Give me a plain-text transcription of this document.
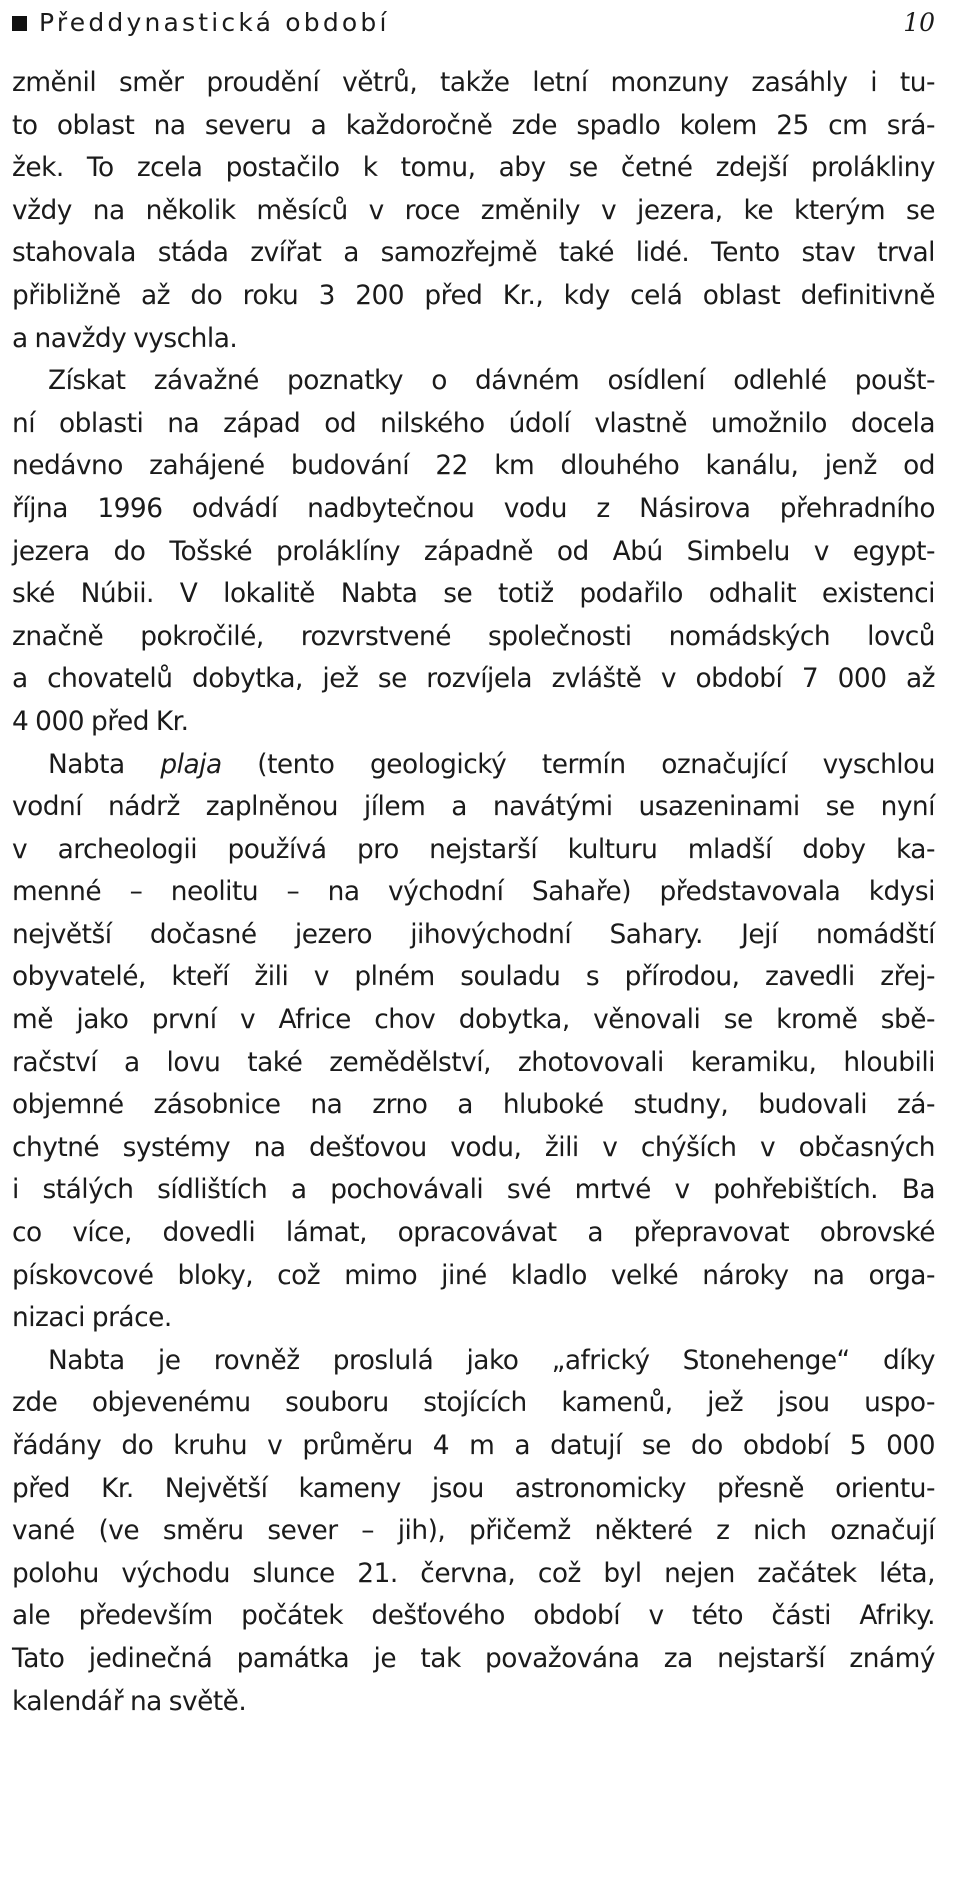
Předdynastická období	10
změnil směr proudění větrů, takže letní monzuny zasáhly i tu-
to oblast na severu a každoročně zde spadlo kolem 25 cm srá-
žek. To zcela postačilo k tomu, aby se četné zdejší prolákliny
vždy na několik měsíců v roce změnily v jezera, ke kterým se
stahovala stáda zvířat a samozřejmě také lidé. Tento stav trval
přibližně až do roku 3 200 před Kr., kdy celá oblast definitivně
a navždy vyschla.
Získat závažné poznatky o dávném osídlení odlehlé poušt-
ní oblasti na západ od nilského údolí vlastně umožnilo docela
nedávno zahájené budování 22 km dlouhého kanálu, jenž od
října 1996 odvádí nadbytečnou vodu z Násirova přehradního
jezera do Tošské proláklíny západně od Abú Simbelu v egypt-
ské Núbii. V lokalitě Nabta se totiž podařilo odhalit existenci
značně pokročilé, rozvrstvené společnosti nomádských lovců
a chovatelů dobytka, jež se rozvíjela zvláště v období 7 000 až
4 000 před Kr.
Nabta plaja (tento geologický termín označující vyschlou
vodní nádrž zaplněnou jílem a navátými usazeninami se nyní
v archeologii používá pro nejstarší kulturu mladší doby ka-
menné – neolitu – na východní Sahaře) představovala kdysi
největší dočasné jezero jihovýchodní Sahary. Její nomádští
obyvatelé, kteří žili v plném souladu s přírodou, zavedli zřej-
mě jako první v Africe chov dobytka, věnovali se kromě sbě-
račství a lovu také zemědělství, zhotovovali keramiku, hloubili
objemné zásobnice na zrno a hluboké studny, budovali zá-
chytné systémy na dešťovou vodu, žili v chýších v občasných
i stálých sídlištích a pochovávali své mrtvé v pohřebištích. Ba
co více, dovedli lámat, opracovávat a přepravovat obrovské
pískovcové bloky, což mimo jiné kladlo velké nároky na orga-
nizaci práce.
Nabta je rovněž proslulá jako „africký Stonehenge“ díky
zde objevenému souboru stojících kamenů, jež jsou uspo-
řádány do kruhu v průměru 4 m a datují se do období 5 000
před Kr. Největší kameny jsou astronomicky přesně orientu-
vané (ve směru sever – jih), přičemž některé z nich označují
polohu východu slunce 21. června, což byl nejen začátek léta,
ale především počátek dešťového období v této části Afriky.
Tato jedinečná památka je tak považována za nejstarší známý
kalendář na světě.
